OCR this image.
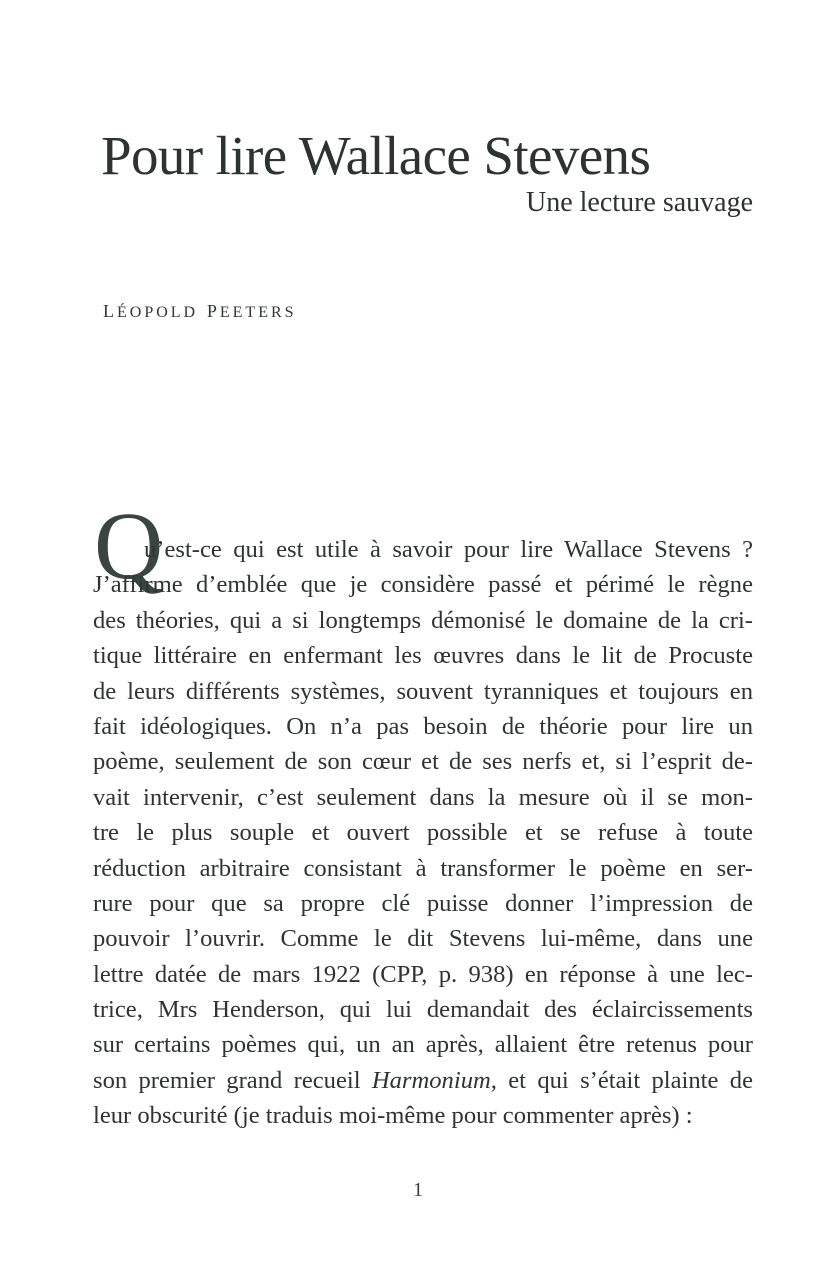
Pour lire Wallace Stevens
Une lecture sauvage
léopold peeters
Q
u’est-ce qui est utile à savoir pour lire Wallace Stevens ?
J’affirme d’emblée que je considère passé et périmé le règne
des théories, qui a si longtemps démonisé le domaine de la cri-
tique littéraire en enfermant les œuvres dans le lit de Procuste
de leurs différents systèmes, souvent tyranniques et toujours en
fait idéologiques. On n’a pas besoin de théorie pour lire un
poème, seulement de son cœur et de ses nerfs et, si l’esprit de-
vait intervenir, c’est seulement dans la mesure où il se mon-
tre le plus souple et ouvert possible et se refuse à toute
réduction arbitraire consistant à transformer le poème en ser-
rure pour que sa propre clé puisse donner l’impression de
pouvoir l’ouvrir. Comme le dit Stevens lui-même, dans une
lettre datée de mars 1922 (CPP, p. 938) en réponse à une lec-
trice, Mrs Henderson, qui lui demandait des éclaircissements
sur certains poèmes qui, un an après, allaient être retenus pour
son premier grand recueil Harmonium, et qui s’était plainte de
leur obscurité (je traduis moi-même pour commenter après) :
1
